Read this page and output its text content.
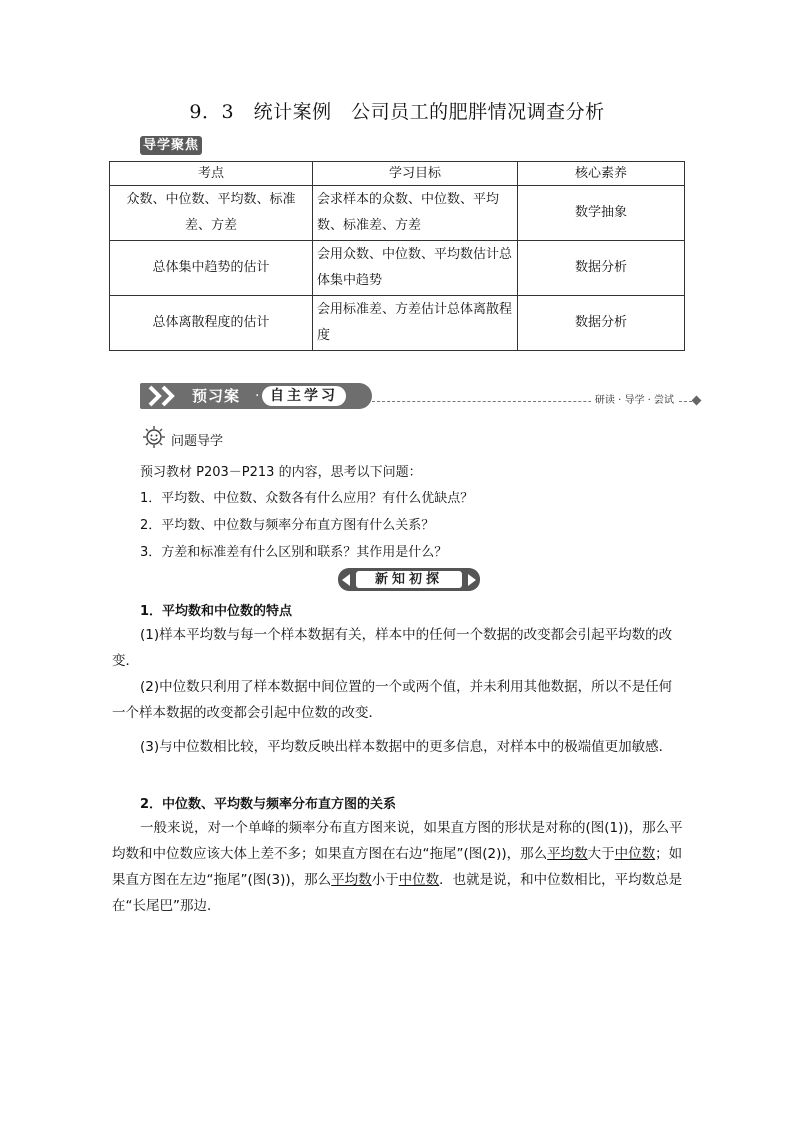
9．3　统计案例　公司员工的肥胖情况调查分析
导学聚焦
考点	学习目标	核心素养
众数、中位数、平均数、标准差、方差	会求样本的众数、中位数、平均数、标准差、方差	数学抽象
总体集中趋势的估计	会用众数、中位数、平均数估计总体集中趋势	数据分析
总体离散程度的估计	会用标准差、方差估计总体离散程度	数据分析
预习案 · 自主学习	研读 · 导学 · 尝试
问题导学
预习教材 P203－P213 的内容，思考以下问题：
1．平均数、中位数、众数各有什么应用？有什么优缺点？
2．平均数、中位数与频率分布直方图有什么关系？
3．方差和标准差有什么区别和联系？其作用是什么？
新知初探
1．平均数和中位数的特点
(1)样本平均数与每一个样本数据有关，样本中的任何一个数据的改变都会引起平均数的改变．
(2)中位数只利用了样本数据中间位置的一个或两个值，并未利用其他数据，所以不是任何一个样本数据的改变都会引起中位数的改变．
(3)与中位数相比较，平均数反映出样本数据中的更多信息，对样本中的极端值更加敏感．
2．中位数、平均数与频率分布直方图的关系
一般来说，对一个单峰的频率分布直方图来说，如果直方图的形状是对称的(图(1))，那么平均数和中位数应该大体上差不多；如果直方图在右边“拖尾”(图(2))，那么平均数大于中位数；如果直方图在左边“拖尾”(图(3))，那么平均数小于中位数．也就是说，和中位数相比，平均数总是在“长尾巴”那边．
